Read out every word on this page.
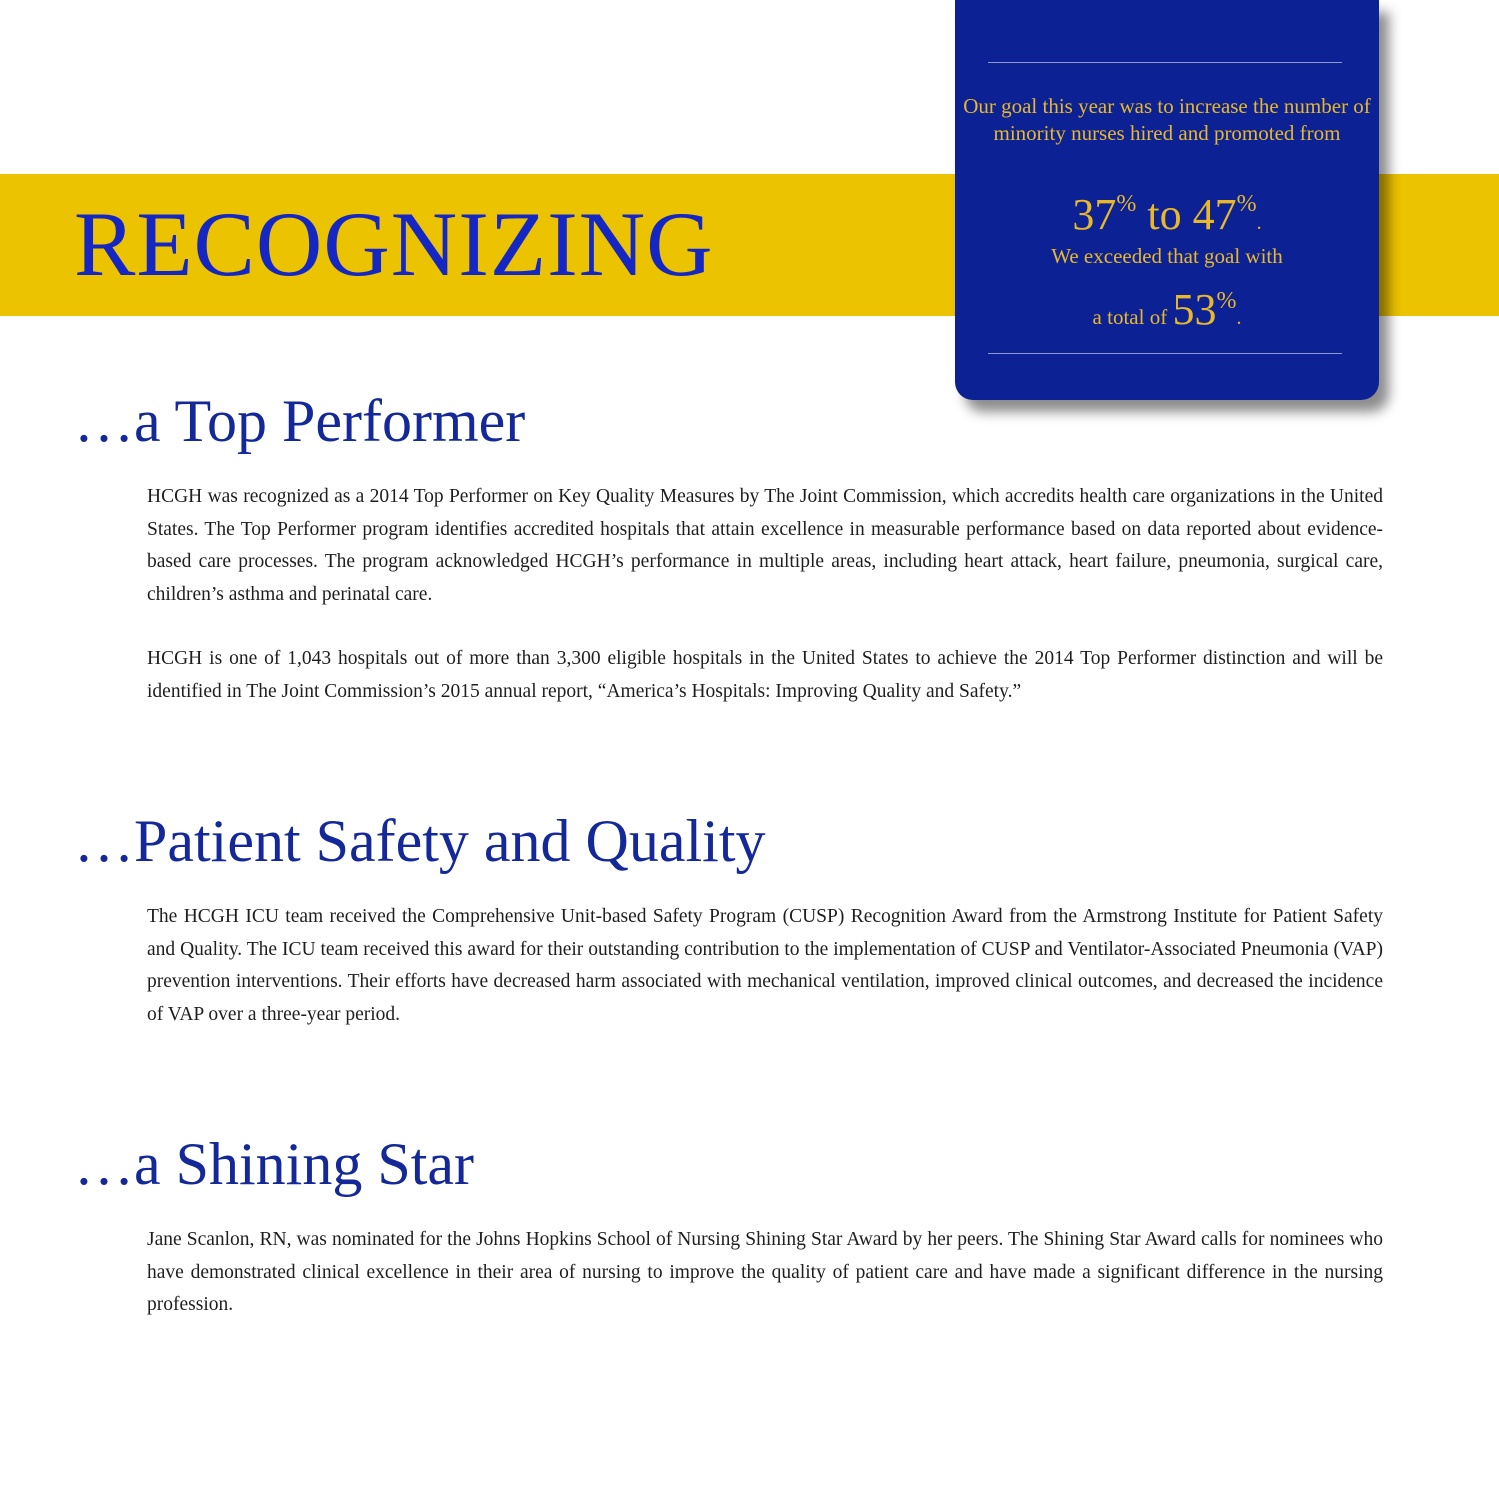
RECOGNIZING
Our goal this year was to increase the number of minority nurses hired and promoted from
37% to 47%.
We exceeded that goal with
a total of 53%.
…a Top Performer

HCGH was recognized as a 2014 Top Performer on Key Quality Measures by The Joint Commission, which accredits health care organizations in the United States. The Top Performer program identifies accredited hospitals that attain excellence in measurable performance based on data reported about evidence-based care processes. The program acknowledged HCGH’s performance in multiple areas, including heart attack, heart failure, pneumonia, surgical care, children’s asthma and perinatal care.

HCGH is one of 1,043 hospitals out of more than 3,300 eligible hospitals in the United States to achieve the 2014 Top Performer distinction and will be identified in The Joint Commission’s 2015 annual report, “America’s Hospitals: Improving Quality and Safety.”

…Patient Safety and Quality

The HCGH ICU team received the Comprehensive Unit-based Safety Program (CUSP) Recognition Award from the Armstrong Institute for Patient Safety and Quality. The ICU team received this award for their outstanding contribution to the implementation of CUSP and Ventilator-Associated Pneumonia (VAP) prevention interventions. Their efforts have decreased harm associated with mechanical ventilation, improved clinical outcomes, and decreased the incidence of VAP over a three-year period.

…a Shining Star

Jane Scanlon, RN, was nominated for the Johns Hopkins School of Nursing Shining Star Award by her peers. The Shining Star Award calls for nominees who have demonstrated clinical excellence in their area of nursing to improve the quality of patient care and have made a significant difference in the nursing profession.
